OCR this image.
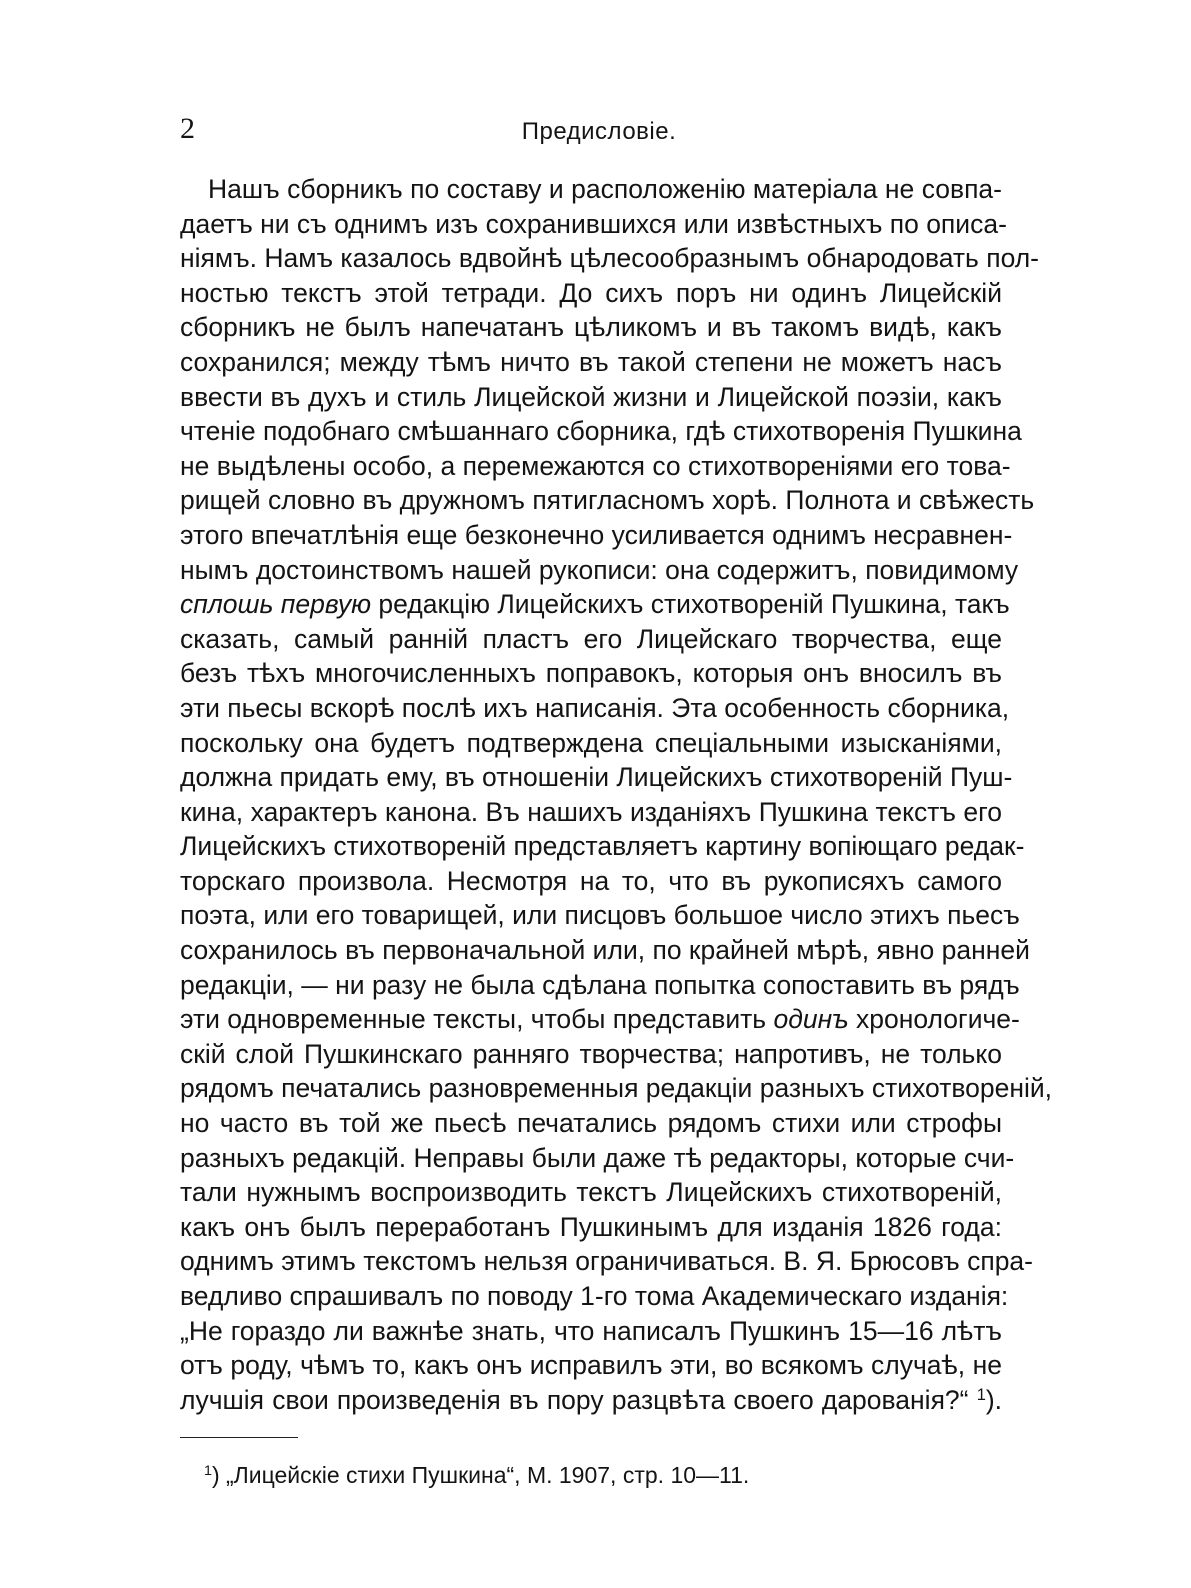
2	Предисловіе.
Нашъ сборникъ по составу и расположенію матеріала не совпа-
даетъ ни съ однимъ изъ сохранившихся или извѣстныхъ по описа-
ніямъ. Намъ казалось вдвойнѣ цѣлесообразнымъ обнародовать пол-
ностью текстъ этой тетради. До сихъ поръ ни одинъ Лицейскій
сборникъ не былъ напечатанъ цѣликомъ и въ такомъ видѣ, какъ
сохранился; между тѣмъ ничто въ такой степени не можетъ насъ
ввести въ духъ и стиль Лицейской жизни и Лицейской поэзіи, какъ
чтеніе подобнаго смѣшаннаго сборника, гдѣ стихотворенія Пушкина
не выдѣлены особо, а перемежаются со стихотвореніями его това-
рищей словно въ дружномъ пятигласномъ хорѣ. Полнота и свѣжесть
этого впечатлѣнія еще безконечно усиливается однимъ несравнен-
нымъ достоинствомъ нашей рукописи: она содержитъ, повидимому
сплошь первую редакцію Лицейскихъ стихотвореній Пушкина, такъ
сказать, самый ранній пластъ его Лицейскаго творчества, еще
безъ тѣхъ многочисленныхъ поправокъ, которыя онъ вносилъ въ
эти пьесы вскорѣ послѣ ихъ написанія. Эта особенность сборника,
поскольку она будетъ подтверждена спеціальными изысканіями,
должна придать ему, въ отношеніи Лицейскихъ стихотвореній Пуш-
кина, характеръ канона. Въ нашихъ изданіяхъ Пушкина текстъ его
Лицейскихъ стихотвореній представляетъ картину вопіющаго редак-
торскаго произвола. Несмотря на то, что въ рукописяхъ самого
поэта, или его товарищей, или писцовъ большое число этихъ пьесъ
сохранилось въ первоначальной или, по крайней мѣрѣ, явно ранней
редакціи, — ни разу не была сдѣлана попытка сопоставить въ рядъ
эти одновременные тексты, чтобы представить одинъ хронологиче-
скій слой Пушкинскаго ранняго творчества; напротивъ, не только
рядомъ печатались разновременныя редакціи разныхъ стихотвореній,
но часто въ той же пьесѣ печатались рядомъ стихи или строфы
разныхъ редакцій. Неправы были даже тѣ редакторы, которые счи-
тали нужнымъ воспроизводить текстъ Лицейскихъ стихотвореній,
какъ онъ былъ переработанъ Пушкинымъ для изданія 1826 года:
однимъ этимъ текстомъ нельзя ограничиваться. В. Я. Брюсовъ спра-
ведливо спрашивалъ по поводу 1-го тома Академическаго изданія:
„Не гораздо ли важнѣе знать, что написалъ Пушкинъ 15—16 лѣтъ
отъ роду, чѣмъ то, какъ онъ исправилъ эти, во всякомъ случаѣ, не
лучшія свои произведенія въ пору разцвѣта своего дарованія?“ $^1$).
$^1$) „Лицейскіе стихи Пушкина“, М. 1907, стр. 10—11.
